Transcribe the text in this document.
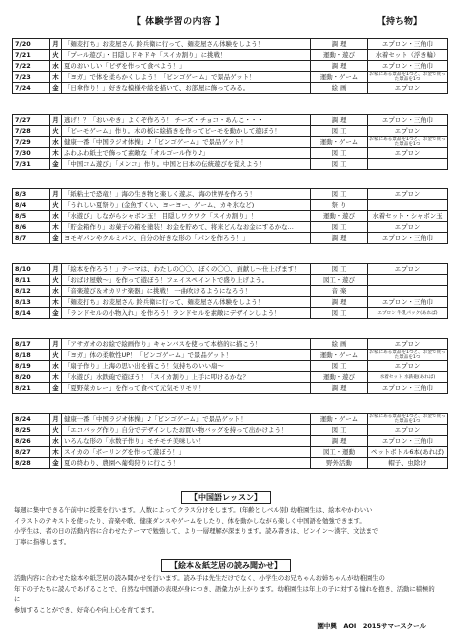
【 体験学習の内容 】	【持ち物】
7/20	月	「麺麦打ち」お麦屋さん 鈴兵衛に行って、麺麦屋さん体験をしよう！	調 理	エプロン・三角巾
7/21	火	「プール遊び」・目隠しドキドキ「スイカ割り」に挑戦！	運動・遊び	水着セット（浮き輪）
7/22	水	夏のおいしい「ピザを作って食べよう！」	調 理	エプロン・三角巾
7/23	木	「ヨガ」で体を柔らかくしよう！「ビンゴゲーム」で景品ゲット！	運動・ゲーム	お家にある景品を1つと、お金で買った景品を1つ
7/24	金	「日傘作り！」好きな模様や絵を描いて、お部屋に飾ってみる。	絵 画	エプロン
7/27	月	逃げ！？「おいやき」よくぞ作ろう！ チーズ・チョコ・あんこ・・・	調 理	エプロン・三角巾
7/28	火	「ピーモゲーム」作り。木の板に絵描きを作ってピーモを動かして遊ぼう！	図 工	エプロン
7/29	水	健康一番「中国ラジオ体操」♪「ビンゴゲーム」で景品ゲット！	運動・ゲーム	お家にある景品を1つと、お金で買った景品を1つ
7/30	木	ふわふわ紙土で飾って素敵な「オルゴール作り♪」	図 工	エプロン
7/31	金	「中国コム遊び」「メンコ」作り。中国と日本の伝統遊びを覚えよう！	図 工	
8/3	月	「紙粘土で恐竜！」海の生き物と楽しく遊ぶ、海の世界を作ろう！	図 工	エプロン
8/4	火	「うれしい夏祭り」(金魚すくい、ヨーヨー、ゲーム、カキ氷など)	祭 り	
8/5	水	「水遊び」しながらシャボン玉！ 目隠しワクワク「スイカ割り」！	運動・遊び	水着セット・シャボン玉
8/6	木	「貯金箱作り」お菓子の箱を塗装！お金を貯めて、将来どんなお金にするかな…	図 工	エプロン
8/7	金	ヨモギパンやクルミパン、自分の好きな形の「パンを作ろう！」	調 理	エプロン・三角巾
8/10	月	「絵本を作ろう！」テーマは、わたしの〇〇、ぼくの〇〇、貢献し〜仕上げます！	図 工	エプロン
8/11	火	「おばけ屋敷～」を作って遊ぼう！フェイスペイントで盛り上げよう。	図工・遊び	
8/12	水	「音楽遊び＆オカリナ楽器」に挑戦！ 一曲吹けるようになろう！	音 楽	
8/13	木	「麺麦打ち」お麦屋さん 鈴兵衛に行って、麺麦屋さん体験をしよう！	調 理	エプロン・三角巾
8/14	金	「ランドセルの小物入れ」を作ろう！ランドセルを素敵にデザインしよう！	図 工	エプロン 牛乳パック(あれば)
8/17	月	「アサガオのお絵で絵画作り」キャンバスを使って本格的に描こう！	絵 画	エプロン
8/18	火	「ヨガ」体の柔軟性UP！「ビンゴゲーム」で景品ゲット！	運動・ゲーム	お家にある景品を1つと、お金で買った景品を1つ
8/19	水	「扇子作り」上海の思い出を描こう！気持ちのいい扇～	図 工	エプロン
8/20	木	「水遊び」水鉄砲で遊ぼう！「スイカ割り」上手に叩けるかな？	運動・遊び	水着セット 水鉄砲(あれば)
8/21	金	「夏野菜カレー」を作って食べて元気モリモリ！	調 理	エプロン・三角巾
8/24	月	健康一番「中国ラジオ体操」♪「ビンゴゲーム」で景品ゲット！	運動・ゲーム	お家にある景品を1つと、お金で買った景品を1つ
8/25	火	「エコバッグ作り」自分でデザインしたお買い物バッグを持って出かけよう！	図 工	エプロン
8/26	水	いろんな形の「水数子作り」モチモチ美味しい！	調 理	エプロン・三角巾
8/27	木	スイカの「ボーリングを作って遊ぼう！」	図工・運動	ペットボトル6本(あれば)
8/28	金	夏の終わり、農園へ葡萄狩りに行こう！	野外活動	帽子、虫除け
【中国語レッスン】

毎週に集中できる午前中に授業を行います。人数によってクラス分けをします。(年齢としベル別) 幼稚園生は、絵本やかわいい

イラストのテキストを使ったり、音楽や歌、健康ダンスやゲームをしたり、体を動かしながら楽しく中国語を勉強できます。

小学生は、者の日の活動内容に合わせたテーマで勉強して、より一層理解が深まります。読み書きは、ピンイン～漢字、文法まで

丁寧に指導します。

【絵本＆紙芝居の読み聞かせ】

活動内容に合わせた絵本や紙芝居の読み聞かせを行います。読み手は先生だけでなく、小学生のお兄ちゃんお姉ちゃんが幼稚園生の

年下の子たちに読んであげることで、自然な中国語の表現が身につき、語彙力が上がります。幼稚園生は年上の子に対する憧れを抱き、活動に積極的に

参加することができ、好奇心や向上心を育てます。

園中興　AOI　2015サマースクール
